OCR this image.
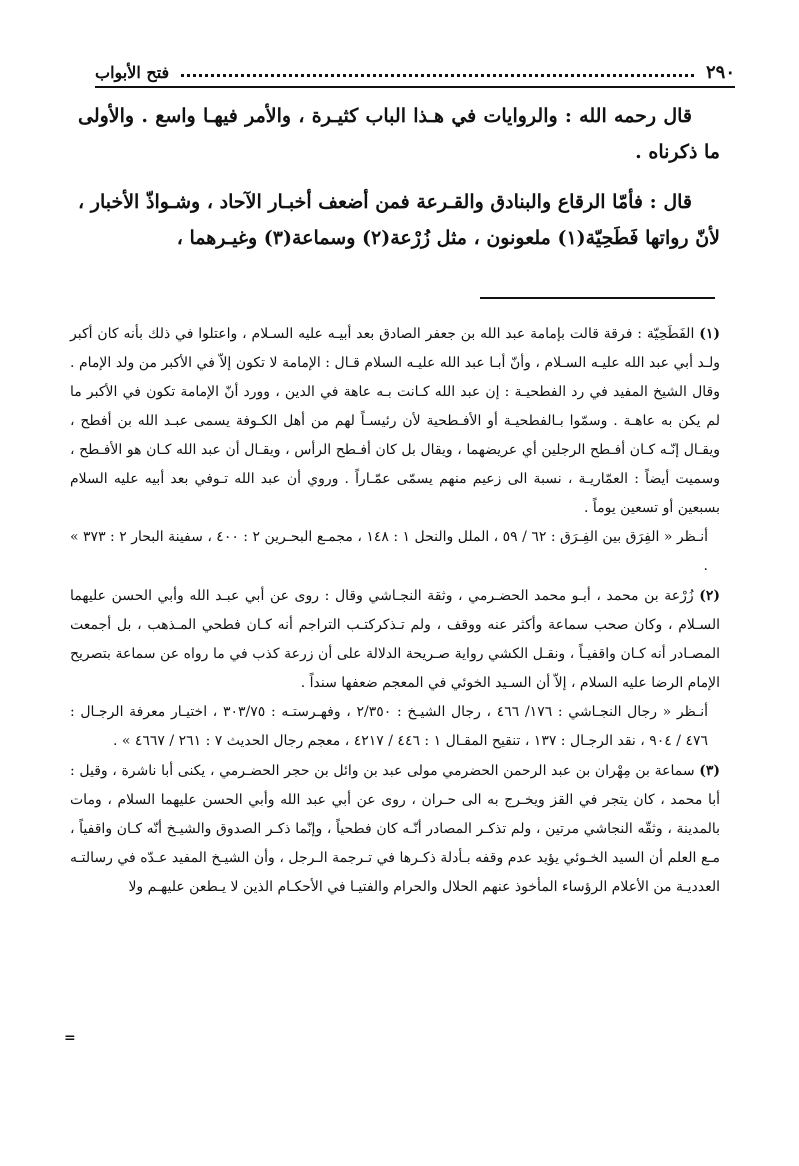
فتح الأبواب	٢٩٠

قال رحمه الله : والروايات في هـذا الباب كثيـرة ، والأمر فيهـا واسع . والأولى ما ذكرناه .

قال : فأمّا الرقاع والبنادق والقـرعة فمن أضعف أخبـار الآحاد ، وشـواذّ الأخبار ، لأنّ رواتها فَطَحِيّة(١) ملعونون ، مثل زُرْعة(٢) وسماعة(٣) وغيـرهما ،

(١) الفَطَحِيّة : فرقة قالت بإمامة عبد الله بن جعفر الصادق بعد أبيـه عليه السـلام ، واعتلوا في ذلك بأنه كان أكبر ولـد أبي عبد الله عليـه السـلام ، وأنّ أبـا عبد الله عليـه السلام قـال : الإمامة لا تكون إلاّ في الأكبر من ولد الإمام . وقال الشيخ المفيد في رد الفطحيـة : إن عبد الله كـانت بـه عاهة في الدين ، وورد أنّ الإمامة تكون في الأكبر ما لم يكن به عاهـة . وسمّوا بـالفطحيـة أو الأفـطحية لأن رئيسـاً لهم من أهل الكـوفة يسمى عبـد الله بن أفطح ، ويقـال إنّـه كـان أفـطح الرجلين أي عريضهما ، ويقال بل كان أفـطح الرأس ، ويقـال أن عبد الله كـان هو الأفـطح ، وسميت أيضاً : العمّاريـة ، نسبة الى زعيم منهم يسمّى عمّـاراً . وروي أن عبد الله تـوفي بعد أبيه عليه السلام بسبعين أو تسعين يوماً .
أنـظر « الفِرَق بين الفِـرَق : ٦٢ / ٥٩ ، الملل والنحل ١ : ١٤٨ ، مجمـع البحـرين ٢ : ٤٠٠ ، سفينة البحار ٢ : ٣٧٣ » .
(٢) زُرْعة بن محمد ، أبـو محمد الحضـرمي ، وثقة النجـاشي وقال : روى عن أبي عبـد الله وأبي الحسن عليهما السـلام ، وكان صحب سماعة وأكثر عنه ووقف ، ولم تـذكركتـب التراجم أنه كـان فطحي المـذهب ، بل أجمعت المصـادر أنه كـان واقفيـاً ، ونقـل الكشي رواية صـريحة الدلالة على أن زرعة كذب في ما رواه عن سماعة بتصريح الإمام الرضا عليه السلام ، إلاّ أن السـيد الخوئي في المعجم ضعفها سنداً .
أنـظر « رجال النجـاشي : ١٧٦/ ٤٦٦ ، رجال الشيـخ : ٢/٣٥٠ ، وفهـرستـه : ٣٠٣/٧٥ ، اختيـار معرفة الرجـال : ٤٧٦ / ٩٠٤ ، نقد الرجـال : ١٣٧ ، تنقيح المقـال ١ : ٤٤٦ / ٤٢١٧ ، معجم رجال الحديث ٧ : ٢٦١ / ٤٦٦٧ » .
(٣) سماعة بن مِهْران بن عبد الرحمن الحضرمي مولى عبد بن وائل بن حجر الحضـرمي ، يكنى أبا ناشرة ، وقيل : أبا محمد ، كان يتجر في القز ويخـرج به الى حـران ، روى عن أبي عبد الله وأبي الحسن عليهما السلام ، ومات بالمدينة ، وثقّه النجاشي مرتين ، ولم تذكـر المصادر أنّـه كان فطحياً ، وإنّما ذكـر الصدوق والشيـخ أنّه كـان واقفياً ، مـع العلم أن السيد الخـوئي يؤيد عدم وقفه بـأدلة ذكـرها في تـرجمة الـرجل ، وأن الشيـخ المفيد عـدّه في رسالتـه العدديـة من الأعلام الرؤساء المأخوذ عنهم الحلال والحرام والفتيـا في الأحكـام الذين لا يـطعن عليهـم ولا
=
